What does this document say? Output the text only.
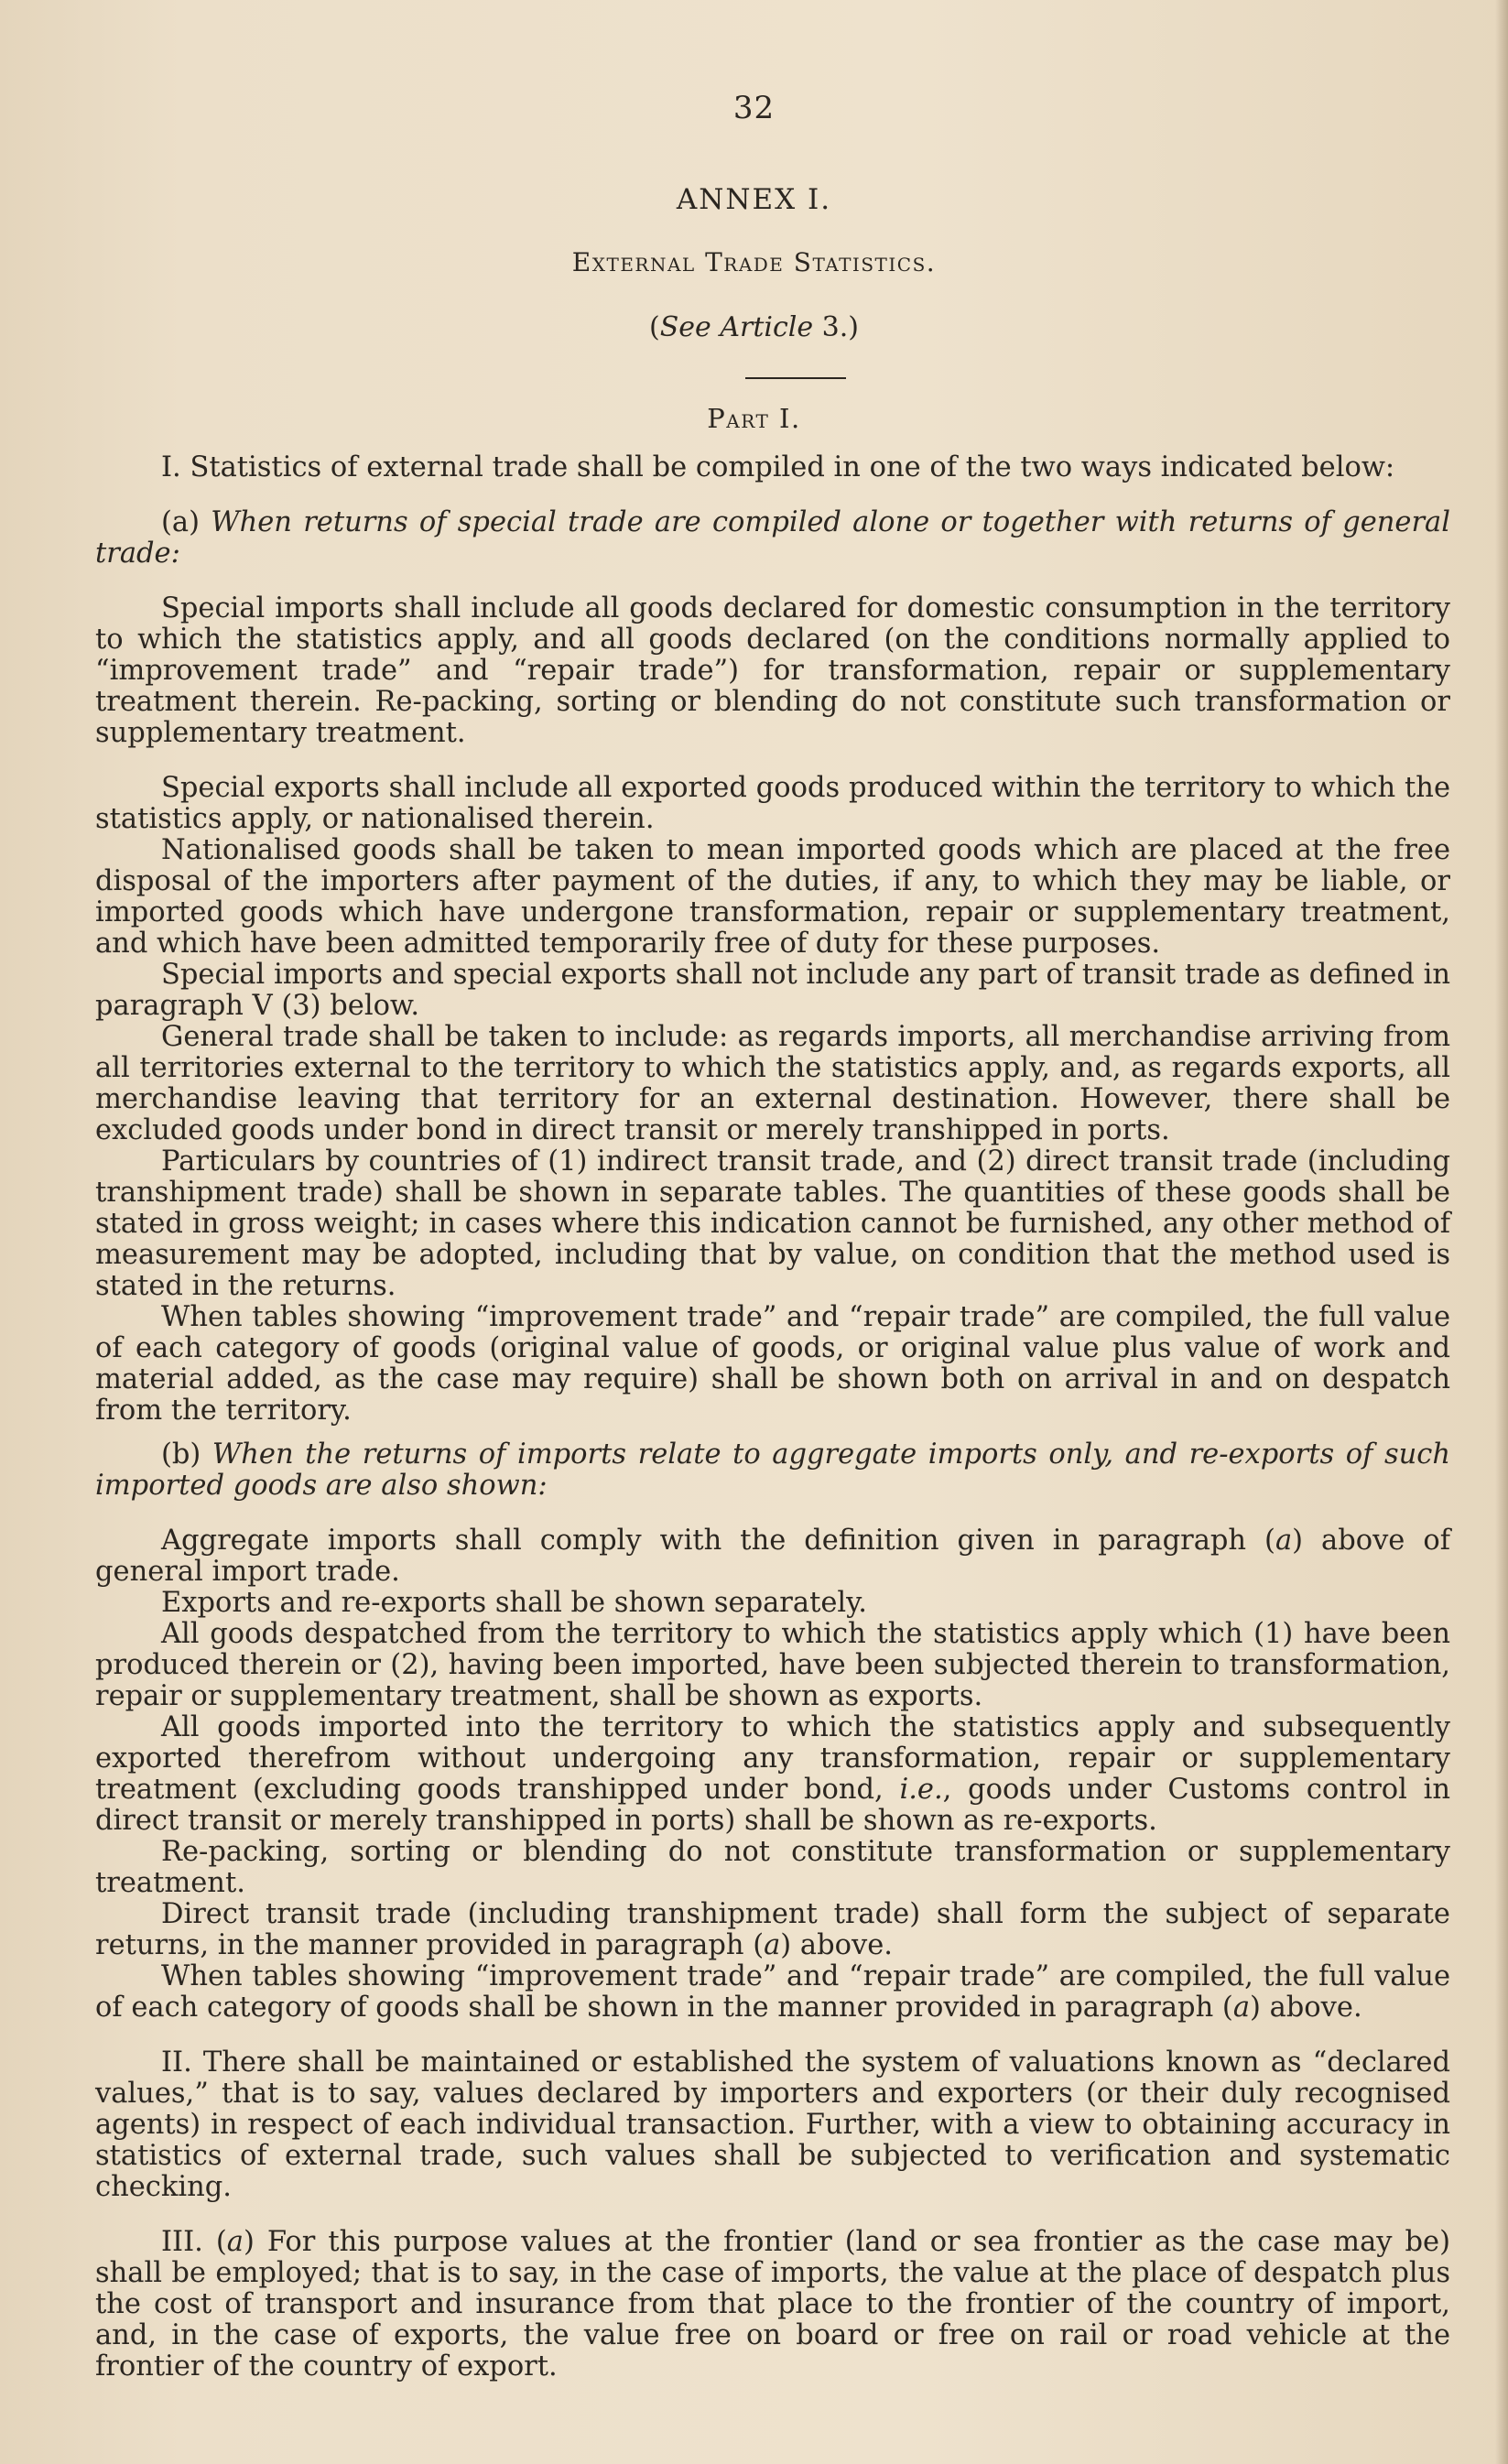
32
ANNEX I.
External Trade Statistics.
(See Article 3.)
Part I.

I. Statistics of external trade shall be compiled in one of the two ways indicated below:

(a) When returns of special trade are compiled alone or together with returns of general trade:

Special imports shall include all goods declared for domestic consumption in the territory to which the statistics apply, and all goods declared (on the conditions normally applied to “improvement trade” and “repair trade”) for transformation, repair or supplementary treatment therein. Re-packing, sorting or blending do not constitute such transformation or supplementary treatment.

Special exports shall include all exported goods produced within the territory to which the statistics apply, or nationalised therein.

Nationalised goods shall be taken to mean imported goods which are placed at the free disposal of the importers after payment of the duties, if any, to which they may be liable, or imported goods which have undergone transformation, repair or supplementary treatment, and which have been admitted temporarily free of duty for these purposes.

Special imports and special exports shall not include any part of transit trade as defined in paragraph V (3) below.

General trade shall be taken to include: as regards imports, all merchandise arriving from all territories external to the territory to which the statistics apply, and, as regards exports, all merchandise leaving that territory for an external destination. However, there shall be excluded goods under bond in direct transit or merely transhipped in ports.

Particulars by countries of (1) indirect transit trade, and (2) direct transit trade (including transhipment trade) shall be shown in separate tables. The quantities of these goods shall be stated in gross weight; in cases where this indication cannot be furnished, any other method of measurement may be adopted, including that by value, on condition that the method used is stated in the returns.

When tables showing “improvement trade” and “repair trade” are compiled, the full value of each category of goods (original value of goods, or original value plus value of work and material added, as the case may require) shall be shown both on arrival in and on despatch from the territory.

(b) When the returns of imports relate to aggregate imports only, and re-exports of such imported goods are also shown:

Aggregate imports shall comply with the definition given in paragraph (a) above of general import trade.

Exports and re-exports shall be shown separately.

All goods despatched from the territory to which the statistics apply which (1) have been produced therein or (2), having been imported, have been subjected therein to transformation, repair or supplementary treatment, shall be shown as exports.

All goods imported into the territory to which the statistics apply and subsequently exported therefrom without undergoing any transformation, repair or supplementary treatment (excluding goods transhipped under bond, i.e., goods under Customs control in direct transit or merely transhipped in ports) shall be shown as re-exports.

Re-packing, sorting or blending do not constitute transformation or supplementary treatment.

Direct transit trade (including transhipment trade) shall form the subject of separate returns, in the manner provided in paragraph (a) above.

When tables showing “improvement trade” and “repair trade” are compiled, the full value of each category of goods shall be shown in the manner provided in paragraph (a) above.

II. There shall be maintained or established the system of valuations known as “declared values,” that is to say, values declared by importers and exporters (or their duly recognised agents) in respect of each individual transaction. Further, with a view to obtaining accuracy in statistics of external trade, such values shall be subjected to verification and systematic checking.

III. (a) For this purpose values at the frontier (land or sea frontier as the case may be) shall be employed; that is to say, in the case of imports, the value at the place of despatch plus the cost of transport and insurance from that place to the frontier of the country of import, and, in the case of exports, the value free on board or free on rail or road vehicle at the frontier of the country of export.
